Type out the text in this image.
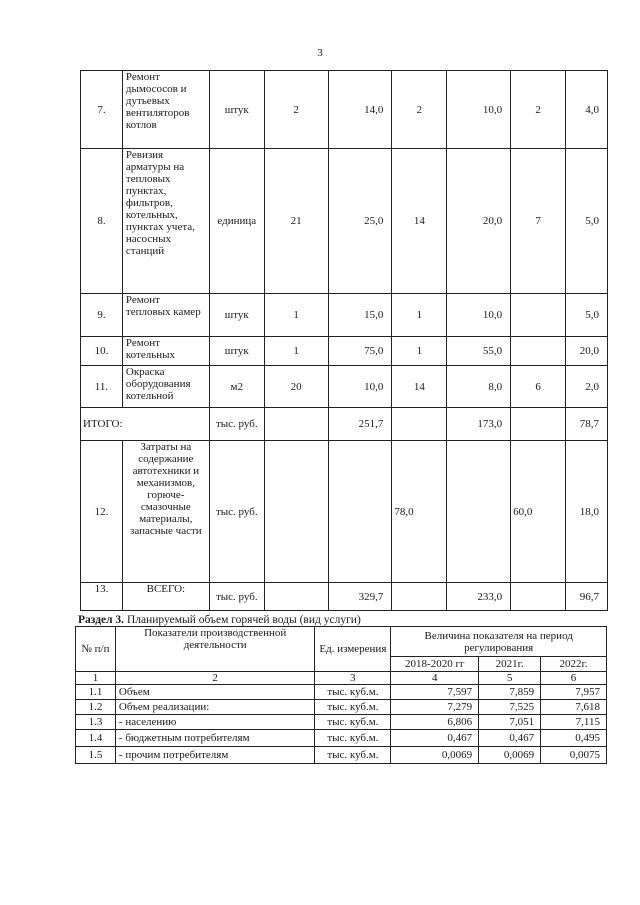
3
7.	Ремонт дымососов и дутьевых вентиляторов котлов	штук	2	14,0	2	10,0	2	4,0
8.	Ревизия арматуры на тепловых пунктах, фильтров, котельных, пунктах учета, насосных станций	единица	21	25,0	14	20,0	7	5,0
9.	Ремонт тепловых камер	штук	1	15,0	1	10,0		5,0
10.	Ремонт котельных	штук	1	75,0	1	55,0		20,0
11.	Окраска оборудования котельной	м2	20	10,0	14	8,0	6	2,0
ИТОГО:		тыс. руб.		251,7		173,0		78,7
12.	Затраты на содержание автотехники и механизмов, горюче-смазочные материалы, запасные части	тыс. руб.			78,0		60,0	18,0
13.	ВСЕГО:	тыс. руб.		329,7		233,0		96,7
Раздел 3. Планируемый объем горячей воды (вид услуги)
№ п/п	Показатели производственной деятельности	Ед. измерения	Величина показателя на период регулирования		
			2018-2020 гг	2021г.	2022г.
1	2	3	4	5	6
1.1	Объем	тыс. куб.м.	7,597	7,859	7,957
1.2	Объем реализации:	тыс. куб.м.	7,279	7,525	7,618
1.3	- населению	тыс. куб.м.	6,806	7,051	7,115
1.4	- бюджетным потребителям	тыс. куб.м.	0,467	0,467	0,495
1.5	- прочим потребителям	тыс. куб.м.	0,0069	0,0069	0,0075
